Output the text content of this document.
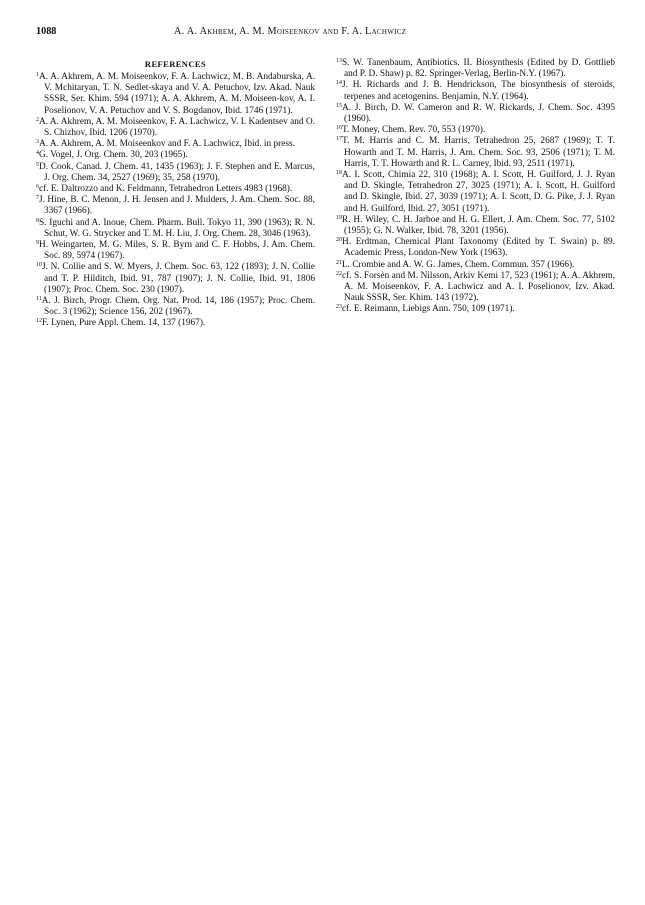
1088	A. A. Akhrem, A. M. Moiseenkov and F. A. Lachwicz
REFERENCES

$^1$A. A. Akhrem, A. M. Moiseenkov, F. A. Lachwicz, M. B. Andaburska, A. V. Mchitaryan, T. N. Sedlet-skaya and V. A. Petuchov, Izv. Akad. Nauk SSSR, Ser. Khim. 594 (1971); A. A. Akhrem, A. M. Moiseen-kov, A. I. Poselionov, V. A. Petuchov and V. S. Bogdanov, Ibid. 1746 (1971).

$^2$A. A. Akhrem, A. M. Moiseenkov, F. A. Lachwicz, V. I. Kadentsev and O. S. Chizhov, Ibid. 1206 (1970).

$^3$A. A. Akhrem, A. M. Moiseenkov and F. A. Lachwicz, Ibid. in press.

$^4$G. Vogel, J. Org. Chem. 30, 203 (1965).

$^5$D. Cook, Canad. J. Chem. 41, 1435 (1963); J. F. Stephen and E. Marcus, J. Org. Chem. 34, 2527 (1969); 35, 258 (1970).

$^6$cf. E. Daltrozzo and K. Feldmann, Tetrahedron Letters 4983 (1968).

$^7$J. Hine, B. C. Menon, J. H. Jensen and J. Mulders, J. Am. Chem. Soc. 88, 3367 (1966).

$^8$S. Iguchi and A. Inoue, Chem. Pharm. Bull. Tokyo 11, 390 (1963); R. N. Schut, W. G. Strycker and T. M. H. Liu, J. Org. Chem. 28, 3046 (1963).

$^9$H. Weingarten, M. G. Miles, S. R. Byrn and C. F. Hobbs, J. Am. Chem. Soc. 89, 5974 (1967).

$^{10}$J. N. Collie and S. W. Myers, J. Chem. Soc. 63, 122 (1893); J. N. Collie and T. P. Hilditch, Ibid. 91, 787 (1907); J. N. Collie, Ibid. 91, 1806 (1907); Proc. Chem. Soc. 230 (1907).

$^{11}$A. J. Birch, Progr. Chem. Org. Nat. Prod. 14, 186 (1957); Proc. Chem. Soc. 3 (1962); Science 156, 202 (1967).

$^{12}$F. Lynen, Pure Appl. Chem. 14, 137 (1967).

$^{13}$S. W. Tanenbaum, Antibiotics. II. Biosynthesis (Edited by D. Gottlieb and P. D. Shaw) p. 82. Springer-Verlag, Berlin-N.Y. (1967).

$^{14}$J. H. Richards and J. B. Hendrickson, The biosynthesis of steroids, terpenes and acetogenins. Benjamin, N.Y. (1964).

$^{15}$A. J. Birch, D. W. Cameron and R. W. Rickards, J. Chem. Soc. 4395 (1960).

$^{16}$T. Money, Chem. Rev. 70, 553 (1970).

$^{17}$T. M. Harris and C. M. Harris, Tetrahedron 25, 2687 (1969); T. T. Howarth and T. M. Harris, J. Am. Chem. Soc. 93, 2506 (1971); T. M. Harris, T. T. Howarth and R. L. Carney, Ibid. 93, 2511 (1971).

$^{18}$A. I. Scott, Chimia 22, 310 (1968); A. I. Scott, H. Guilford, J. J. Ryan and D. Skingle, Tetrahedron 27, 3025 (1971); A. I. Scott, H. Guilford and D. Skingle, Ibid. 27, 3039 (1971); A. I. Scott, D. G. Pike, J. J. Ryan and H. Guilford, Ibid. 27, 3051 (1971).

$^{19}$R. H. Wiley, C. H. Jarboe and H. G. Ellert, J. Am. Chem. Soc. 77, 5102 (1955); G. N. Walker, Ibid. 78, 3201 (1956).

$^{20}$H. Erdtman, Chemical Plant Taxonomy (Edited by T. Swain) p. 89. Academic Press, London-New York (1963).

$^{21}$L. Crombie and A. W. G. James, Chem. Commun. 357 (1966).

$^{22}$cf. S. Forsèn and M. Nilsson, Arkiv Kemi 17, 523 (1961); A. A. Akhrem, A. M. Moiseenkov, F. A. Lachwicz and A. I. Poselionov, Izv. Akad. Nauk SSSR, Ser. Khim. 143 (1972).

$^{23}$cf. E. Reimann, Liebigs Ann. 750, 109 (1971).
